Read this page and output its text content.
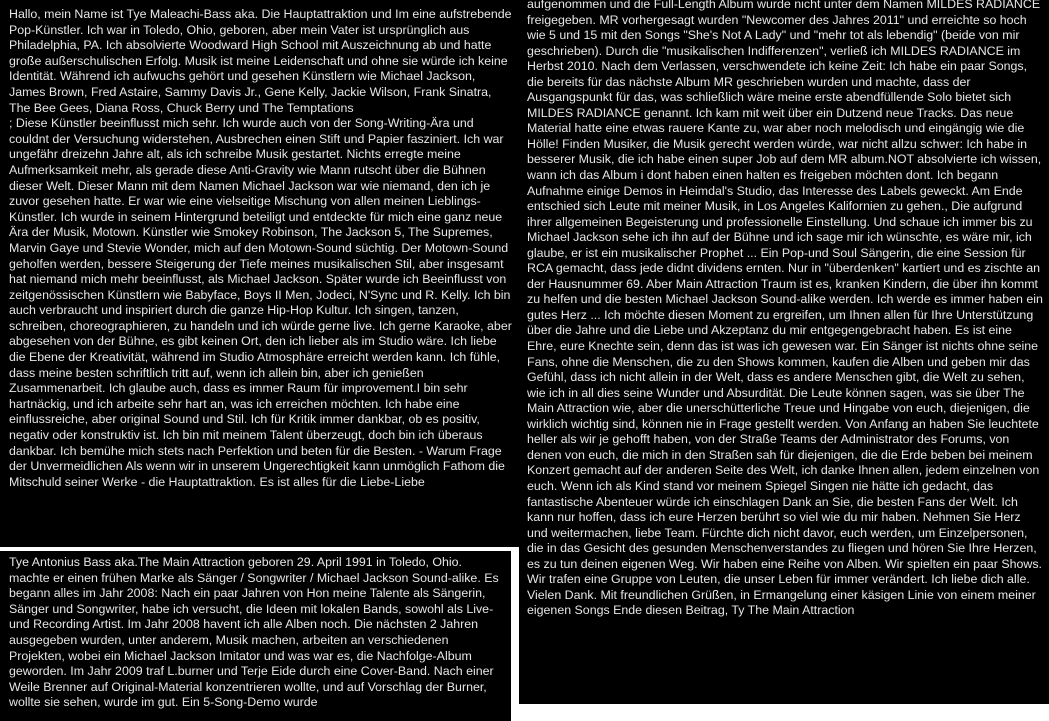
Hallo, mein Name ist Tye Maleachi-Bass aka. Die Hauptattraktion und Im eine aufstrebende Pop-Künstler. Ich war in Toledo, Ohio, geboren, aber mein Vater ist ursprünglich aus Philadelphia, PA. Ich absolvierte Woodward High School mit Auszeichnung ab und hatte große außerschulischen Erfolg. Musik ist meine Leidenschaft und ohne sie würde ich keine Identität. Während ich aufwuchs gehört und gesehen Künstlern wie Michael Jackson, James Brown, Fred Astaire, Sammy Davis Jr., Gene Kelly, Jackie Wilson, Frank Sinatra, The Bee Gees, Diana Ross, Chuck Berry und The Temptations
; Diese Künstler beeinflusst mich sehr. Ich wurde auch von der Song-Writing-Ära und couldnt der Versuchung widerstehen, Ausbrechen einen Stift und Papier fasziniert. Ich war ungefähr dreizehn Jahre alt, als ich schreibe Musik gestartet. Nichts erregte meine Aufmerksamkeit mehr, als gerade diese Anti-Gravity wie Mann rutscht über die Bühnen dieser Welt. Dieser Mann mit dem Namen Michael Jackson war wie niemand, den ich je zuvor gesehen hatte. Er war wie eine vielseitige Mischung von allen meinen Lieblings-Künstler. Ich wurde in seinem Hintergrund beteiligt und entdeckte für mich eine ganz neue Ära der Musik, Motown. Künstler wie Smokey Robinson, The Jackson 5, The Supremes, Marvin Gaye und Stevie Wonder, mich auf den Motown-Sound süchtig. Der Motown-Sound geholfen werden, bessere Steigerung der Tiefe meines musikalischen Stil, aber insgesamt hat niemand mich mehr beeinflusst, als Michael Jackson. Später wurde ich Beeinflusst von zeitgenössischen Künstlern wie Babyface, Boys II Men, Jodeci, N'Sync und R. Kelly. Ich bin auch verbraucht und inspiriert durch die ganze Hip-Hop Kultur. Ich singen, tanzen, schreiben, choreographieren, zu handeln und ich würde gerne live. Ich gerne Karaoke, aber abgesehen von der Bühne, es gibt keinen Ort, den ich lieber als im Studio wäre. Ich liebe die Ebene der Kreativität, während im Studio Atmosphäre erreicht werden kann. Ich fühle, dass meine besten schriftlich tritt auf, wenn ich allein bin, aber ich genießen Zusammenarbeit. Ich glaube auch, dass es immer Raum für improvement.I bin sehr hartnäckig, und ich arbeite sehr hart an, was ich erreichen möchten. Ich habe eine einflussreiche, aber original Sound und Stil. Ich für Kritik immer dankbar, ob es positiv, negativ oder konstruktiv ist. Ich bin mit meinem Talent überzeugt, doch bin ich überaus dankbar. Ich bemühe mich stets nach Perfektion und beten für die Besten. - Warum Frage der Unvermeidlichen Als wenn wir in unserem Ungerechtigkeit kann unmöglich Fathom die Mitschuld seiner Werke - die Hauptattraktion. Es ist alles für die Liebe-Liebe

Tye Antonius Bass aka.The Main Attraction geboren 29. April 1991 in Toledo, Ohio. machte er einen frühen Marke als Sänger / Songwriter / Michael Jackson Sound-alike. Es begann alles im Jahr 2008: Nach ein paar Jahren von Hon meine Talente als Sängerin, Sänger und Songwriter, habe ich versucht, die Ideen mit lokalen Bands, sowohl als Live-und Recording Artist. Im Jahr 2008 havent ich alle Alben noch. Die nächsten 2 Jahren ausgegeben wurden, unter anderem, Musik machen, arbeiten an verschiedenen Projekten, wobei ein Michael Jackson Imitator und was war es, die Nachfolge-Album geworden. Im Jahr 2009 traf L.burner und Terje Eide durch eine Cover-Band. Nach einer Weile Brenner auf Original-Material konzentrieren wollte, und auf Vorschlag der Burner, wollte sie sehen, wurde im gut. Ein 5-Song-Demo wurde

aufgenommen und die Full-Length Album wurde nicht unter dem Namen MILDES RADIANCE freigegeben. MR vorhergesagt wurden "Newcomer des Jahres 2011" und erreichte so hoch wie 5 und 15 mit den Songs "She's Not A Lady" und "mehr tot als lebendig" (beide von mir geschrieben). Durch die "musikalischen Indifferenzen", verließ ich MILDES RADIANCE im Herbst 2010. Nach dem Verlassen, verschwendete ich keine Zeit: Ich habe ein paar Songs, die bereits für das nächste Album MR geschrieben wurden und machte, dass der Ausgangspunkt für das, was schließlich wäre meine erste abendfüllende Solo bietet sich MILDES RADIANCE genannt. Ich kam mit weit über ein Dutzend neue Tracks. Das neue Material hatte eine etwas rauere Kante zu, war aber noch melodisch und eingängig wie die Hölle! Finden Musiker, die Musik gerecht werden würde, war nicht allzu schwer: Ich habe in besserer Musik, die ich habe einen super Job auf dem MR album.NOT absolvierte ich wissen, wann ich das Album i dont haben einen halten es freigeben möchten dont. Ich begann Aufnahme einige Demos in Heimdal's Studio, das Interesse des Labels geweckt. Am Ende entschied sich Leute mit meiner Musik, in Los Angeles Kalifornien zu gehen., Die aufgrund ihrer allgemeinen Begeisterung und professionelle Einstellung. Und schaue ich immer bis zu Michael Jackson sehe ich ihn auf der Bühne und ich sage mir ich wünschte, es wäre mir, ich glaube, er ist ein musikalischer Prophet ... Ein Pop-und Soul Sängerin, die eine Session für RCA gemacht, dass jede didnt dividens ernten. Nur in "überdenken" kartiert und es zischte an der Hausnummer 69. Aber Main Attraction Traum ist es, kranken Kindern, die über ihn kommt zu helfen und die besten Michael Jackson Sound-alike werden. Ich werde es immer haben ein gutes Herz ... Ich möchte diesen Moment zu ergreifen, um Ihnen allen für Ihre Unterstützung über die Jahre und die Liebe und Akzeptanz du mir entgegengebracht haben. Es ist eine Ehre, eure Knechte sein, denn das ist was ich gewesen war. Ein Sänger ist nichts ohne seine Fans, ohne die Menschen, die zu den Shows kommen, kaufen die Alben und geben mir das Gefühl, dass ich nicht allein in der Welt, dass es andere Menschen gibt, die Welt zu sehen, wie ich in all dies seine Wunder und Absurdität. Die Leute können sagen, was sie über The Main Attraction wie, aber die unerschütterliche Treue und Hingabe von euch, diejenigen, die wirklich wichtig sind, können nie in Frage gestellt werden. Von Anfang an haben Sie leuchtete heller als wir je gehofft haben, von der Straße Teams der Administrator des Forums, von denen von euch, die mich in den Straßen sah für diejenigen, die die Erde beben bei meinem Konzert gemacht auf der anderen Seite des Welt, ich danke Ihnen allen, jedem einzelnen von euch. Wenn ich als Kind stand vor meinem Spiegel Singen nie hätte ich gedacht, das fantastische Abenteuer würde ich einschlagen Dank an Sie, die besten Fans der Welt. Ich kann nur hoffen, dass ich eure Herzen berührt so viel wie du mir haben. Nehmen Sie Herz und weitermachen, liebe Team. Fürchte dich nicht davor, euch werden, um Einzelpersonen, die in das Gesicht des gesunden Menschenverstandes zu fliegen und hören Sie Ihre Herzen, es zu tun deinen eigenen Weg. Wir haben eine Reihe von Alben. Wir spielten ein paar Shows. Wir trafen eine Gruppe von Leuten, die unser Leben für immer verändert. Ich liebe dich alle. Vielen Dank. Mit freundlichen Grüßen, in Ermangelung einer käsigen Linie von einem meiner eigenen Songs Ende diesen Beitrag, Ty The Main Attraction
